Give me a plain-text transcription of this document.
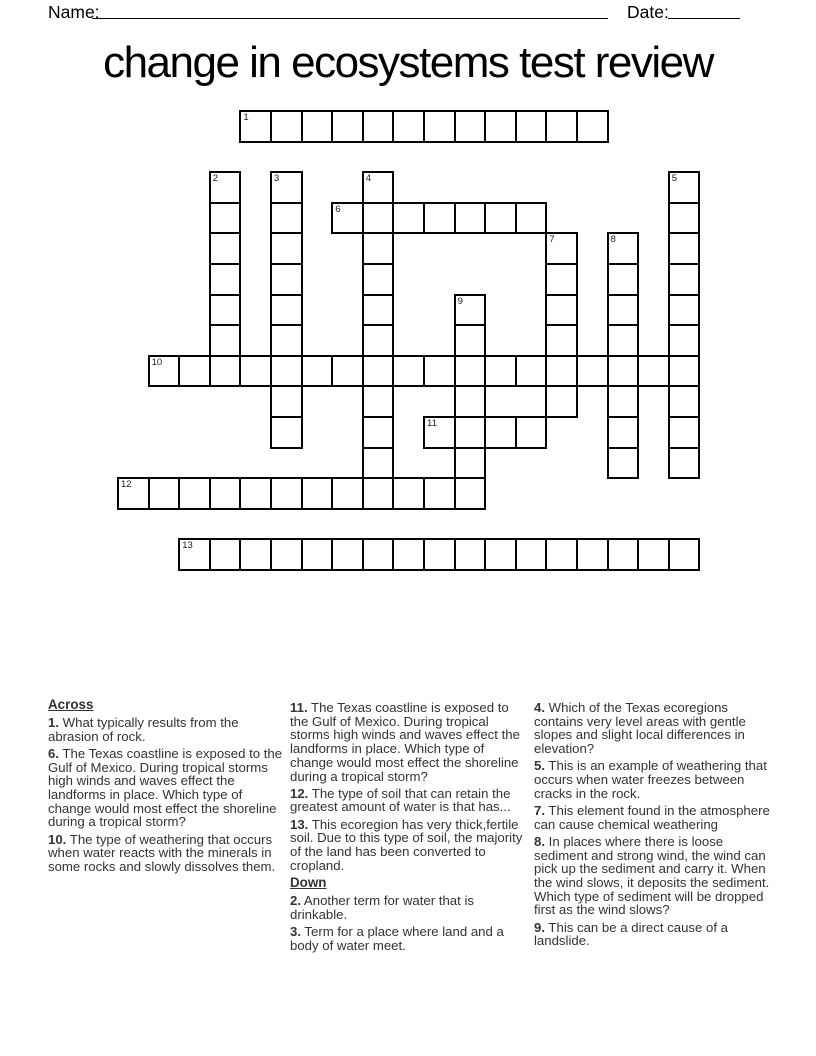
Name:	Date:
change in ecosystems test review
1
2	3	4	5
6
7	8
9
10
11
12
13
Across

1. What typically results from the abrasion of rock.

6. The Texas coastline is exposed to the Gulf of Mexico. During tropical storms high winds and waves effect the landforms in place. Which type of change would most effect the shoreline during a tropical storm?

10. The type of weathering that occurs when water reacts with the minerals in some rocks and slowly dissolves them.

11. The Texas coastline is exposed to the Gulf of Mexico. During tropical storms high winds and waves effect the landforms in place. Which type of change would most effect the shoreline during a tropical storm?

12. The type of soil that can retain the greatest amount of water is that has...

13. This ecoregion has very thick,fertile soil. Due to this type of soil, the majority of the land has been converted to cropland.

Down

2. Another term for water that is drinkable.

3. Term for a place where land and a body of water meet.

4. Which of the Texas ecoregions contains very level areas with gentle slopes and slight local differences in elevation?

5. This is an example of weathering that occurs when water freezes between cracks in the rock.

7. This element found in the atmosphere can cause chemical weathering

8. In places where there is loose sediment and strong wind, the wind can pick up the sediment and carry it. When the wind slows, it deposits the sediment. Which type of sediment will be dropped first as the wind slows?

9. This can be a direct cause of a landslide.
